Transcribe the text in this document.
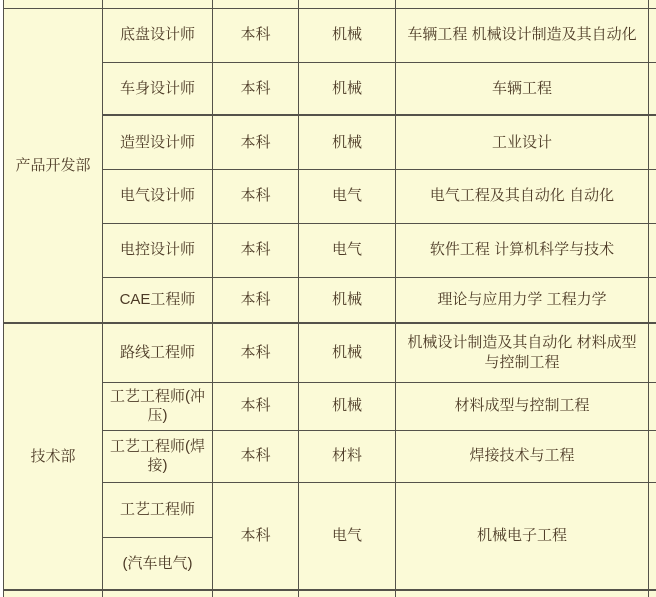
产品开发部	底盘设计师	本科	机械	车辆工程 机械设计制造及其自动化	
	车身设计师	本科	机械	车辆工程	
	造型设计师	本科	机械	工业设计	
	电气设计师	本科	电气	电气工程及其自动化 自动化	
	电控设计师	本科	电气	软件工程 计算机科学与技术	
	CAE工程师	本科	机械	理论与应用力学 工程力学	
技术部	路线工程师	本科	机械	机械设计制造及其自动化 材料成型与控制工程	
	工艺工程师(冲压)	本科	机械	材料成型与控制工程	
	工艺工程师(焊接)	本科	材料	焊接技术与工程	
	工艺工程师	本科	电气	机械电子工程	
	(汽车电气)				
